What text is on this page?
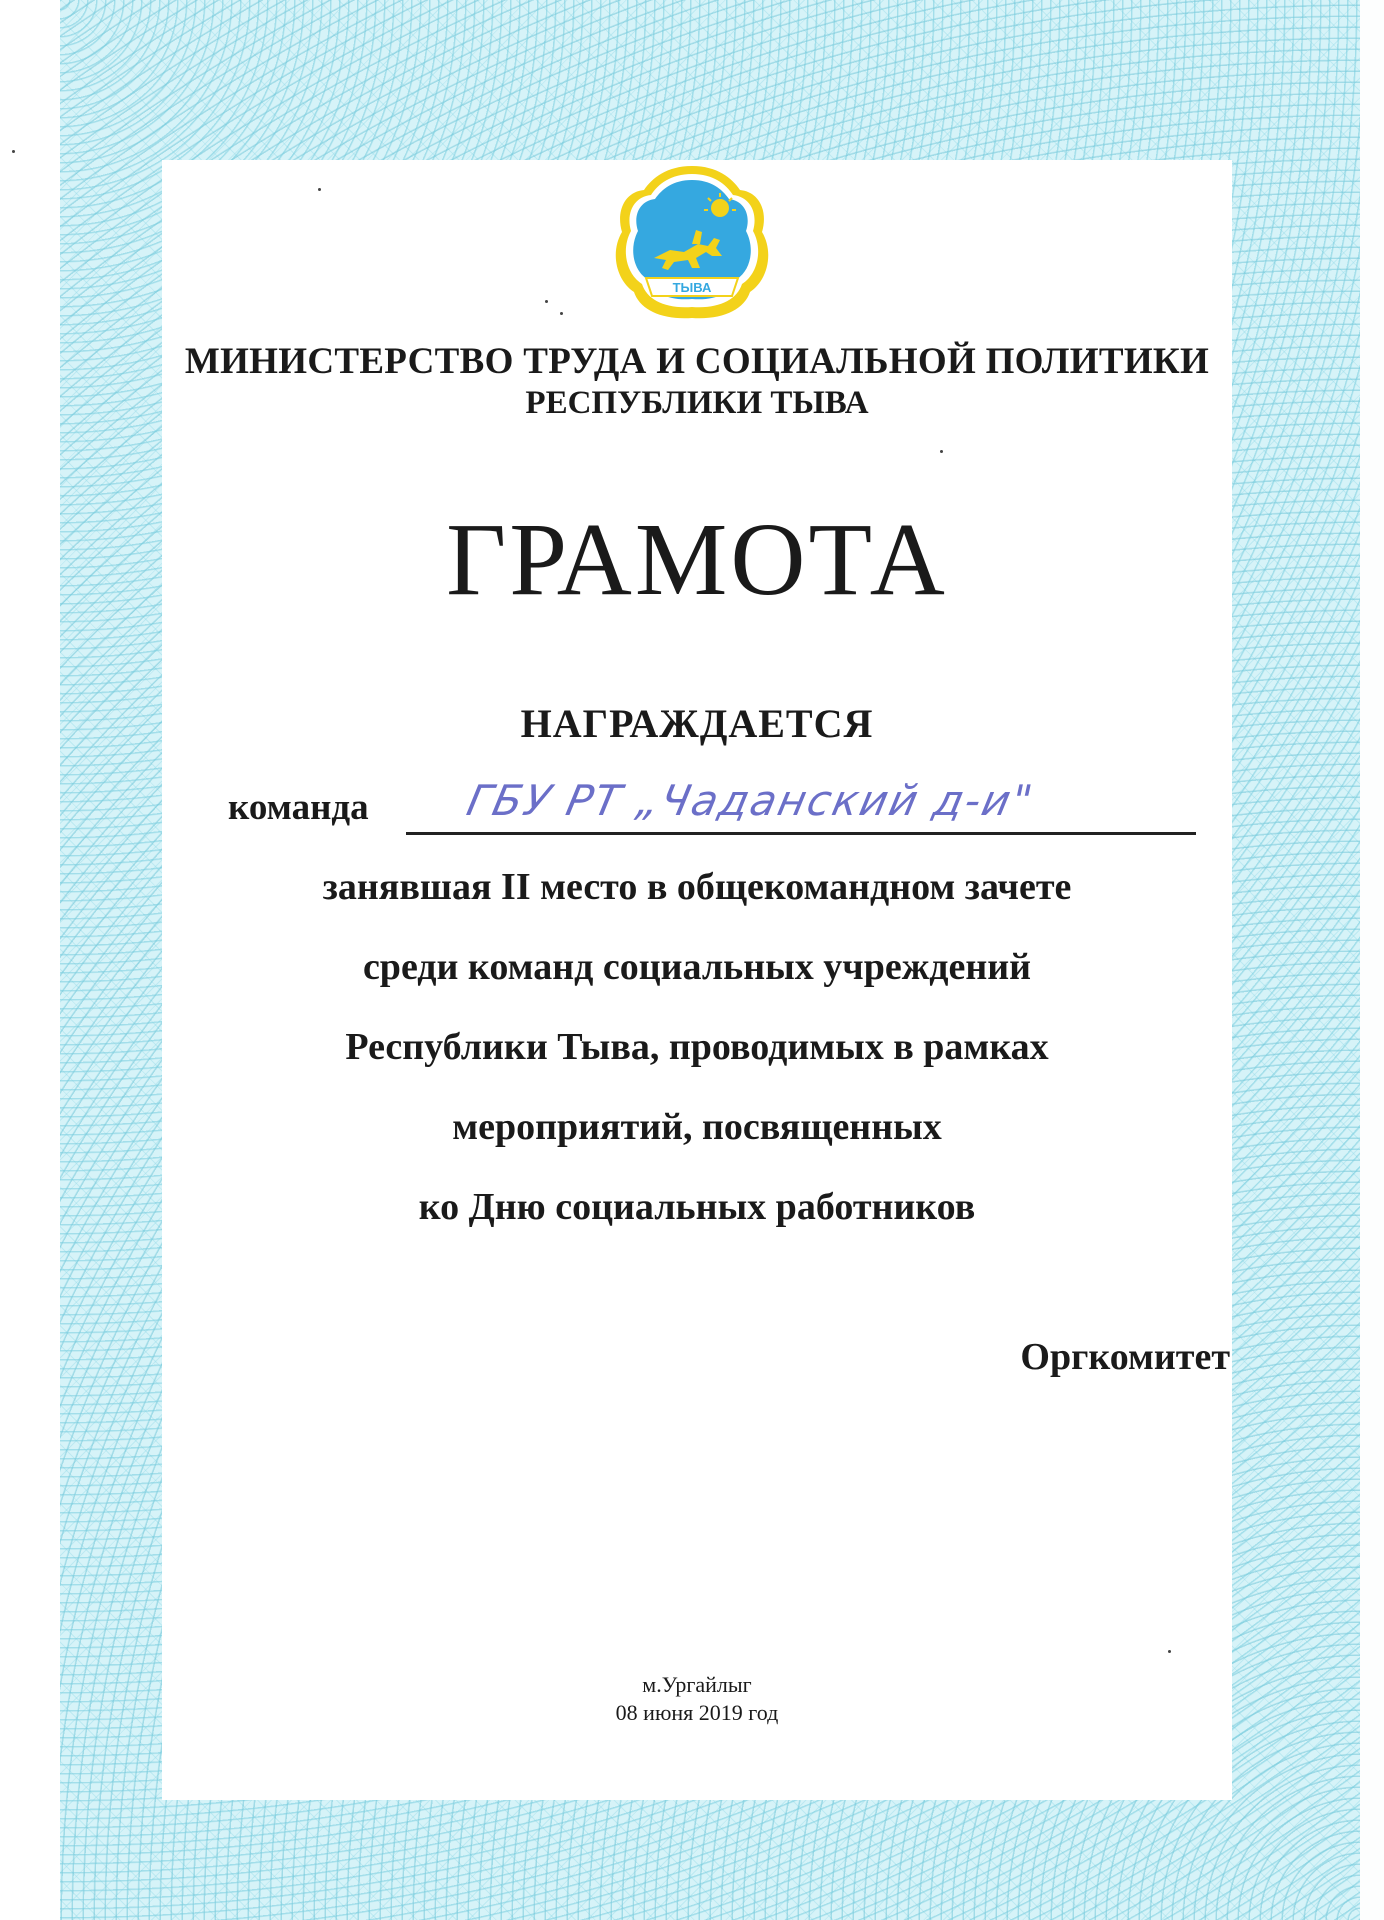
ТЫВА
МИНИСТЕРСТВО ТРУДА И СОЦИАЛЬНОЙ ПОЛИТИКИ
РЕСПУБЛИКИ ТЫВА
ГРАМОТА
НАГРАЖДАЕТСЯ
команда ГБУ РТ „Чаданский д-и"
занявшая II место в общекомандном зачете
среди команд социальных учреждений
Республики Тыва, проводимых в рамках
мероприятий, посвященных
ко Дню социальных работников
Оргкомитет
м.Ургайлыг
08 июня 2019 год
